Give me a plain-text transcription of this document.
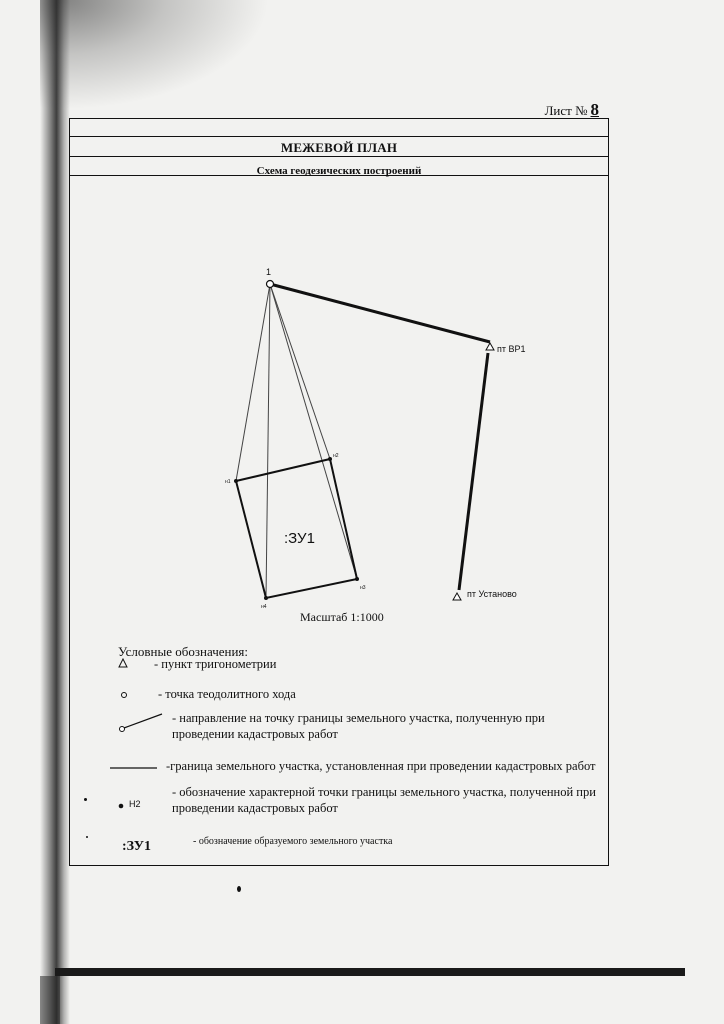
Лист № 8
МЕЖЕВОЙ ПЛАН
Схема геодезических построений
1
пт ВР1
пт Установо
н1
н2
н3
н4
:ЗУ1
Н2
Масштаб 1:1000
Условные обозначения:
- пункт тригонометрии
- точка теодолитного хода
- направление на точку границы земельного участка, полученную при проведении кадастровых работ
-граница земельного участка, установленная при проведении кадастровых работ
- обозначение характерной точки границы земельного участка, полученной при проведении кадастровых работ
:ЗУ1	- обозначение образуемого земельного участка
